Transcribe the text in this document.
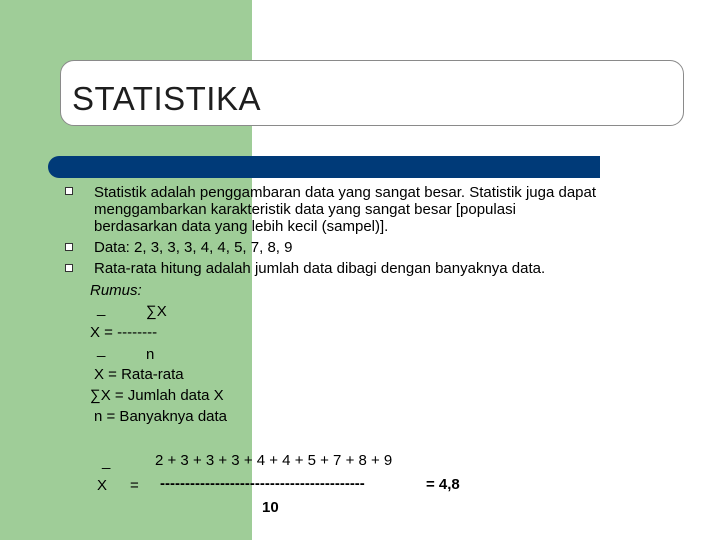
STATISTIKA
Statistik adalah penggambaran data yang sangat besar. Statistik juga dapat
menggambarkan karakteristik data yang sangat besar [populasi
berdasarkan data yang lebih kecil (sampel)].
Data: 2, 3, 3, 3, 4, 4, 5, 7, 8, 9
Rata-rata hitung adalah jumlah data dibagi dengan banyaknya data.
Rumus:
_	∑X
X = --------
_	n
X = Rata-rata
∑X = Jumlah data X
n = Banyaknya data
_	2 + 3 + 3 + 3 + 4 + 4 + 5 + 7 + 8 + 9
X = -----------------------------------------	= 4,8
10
